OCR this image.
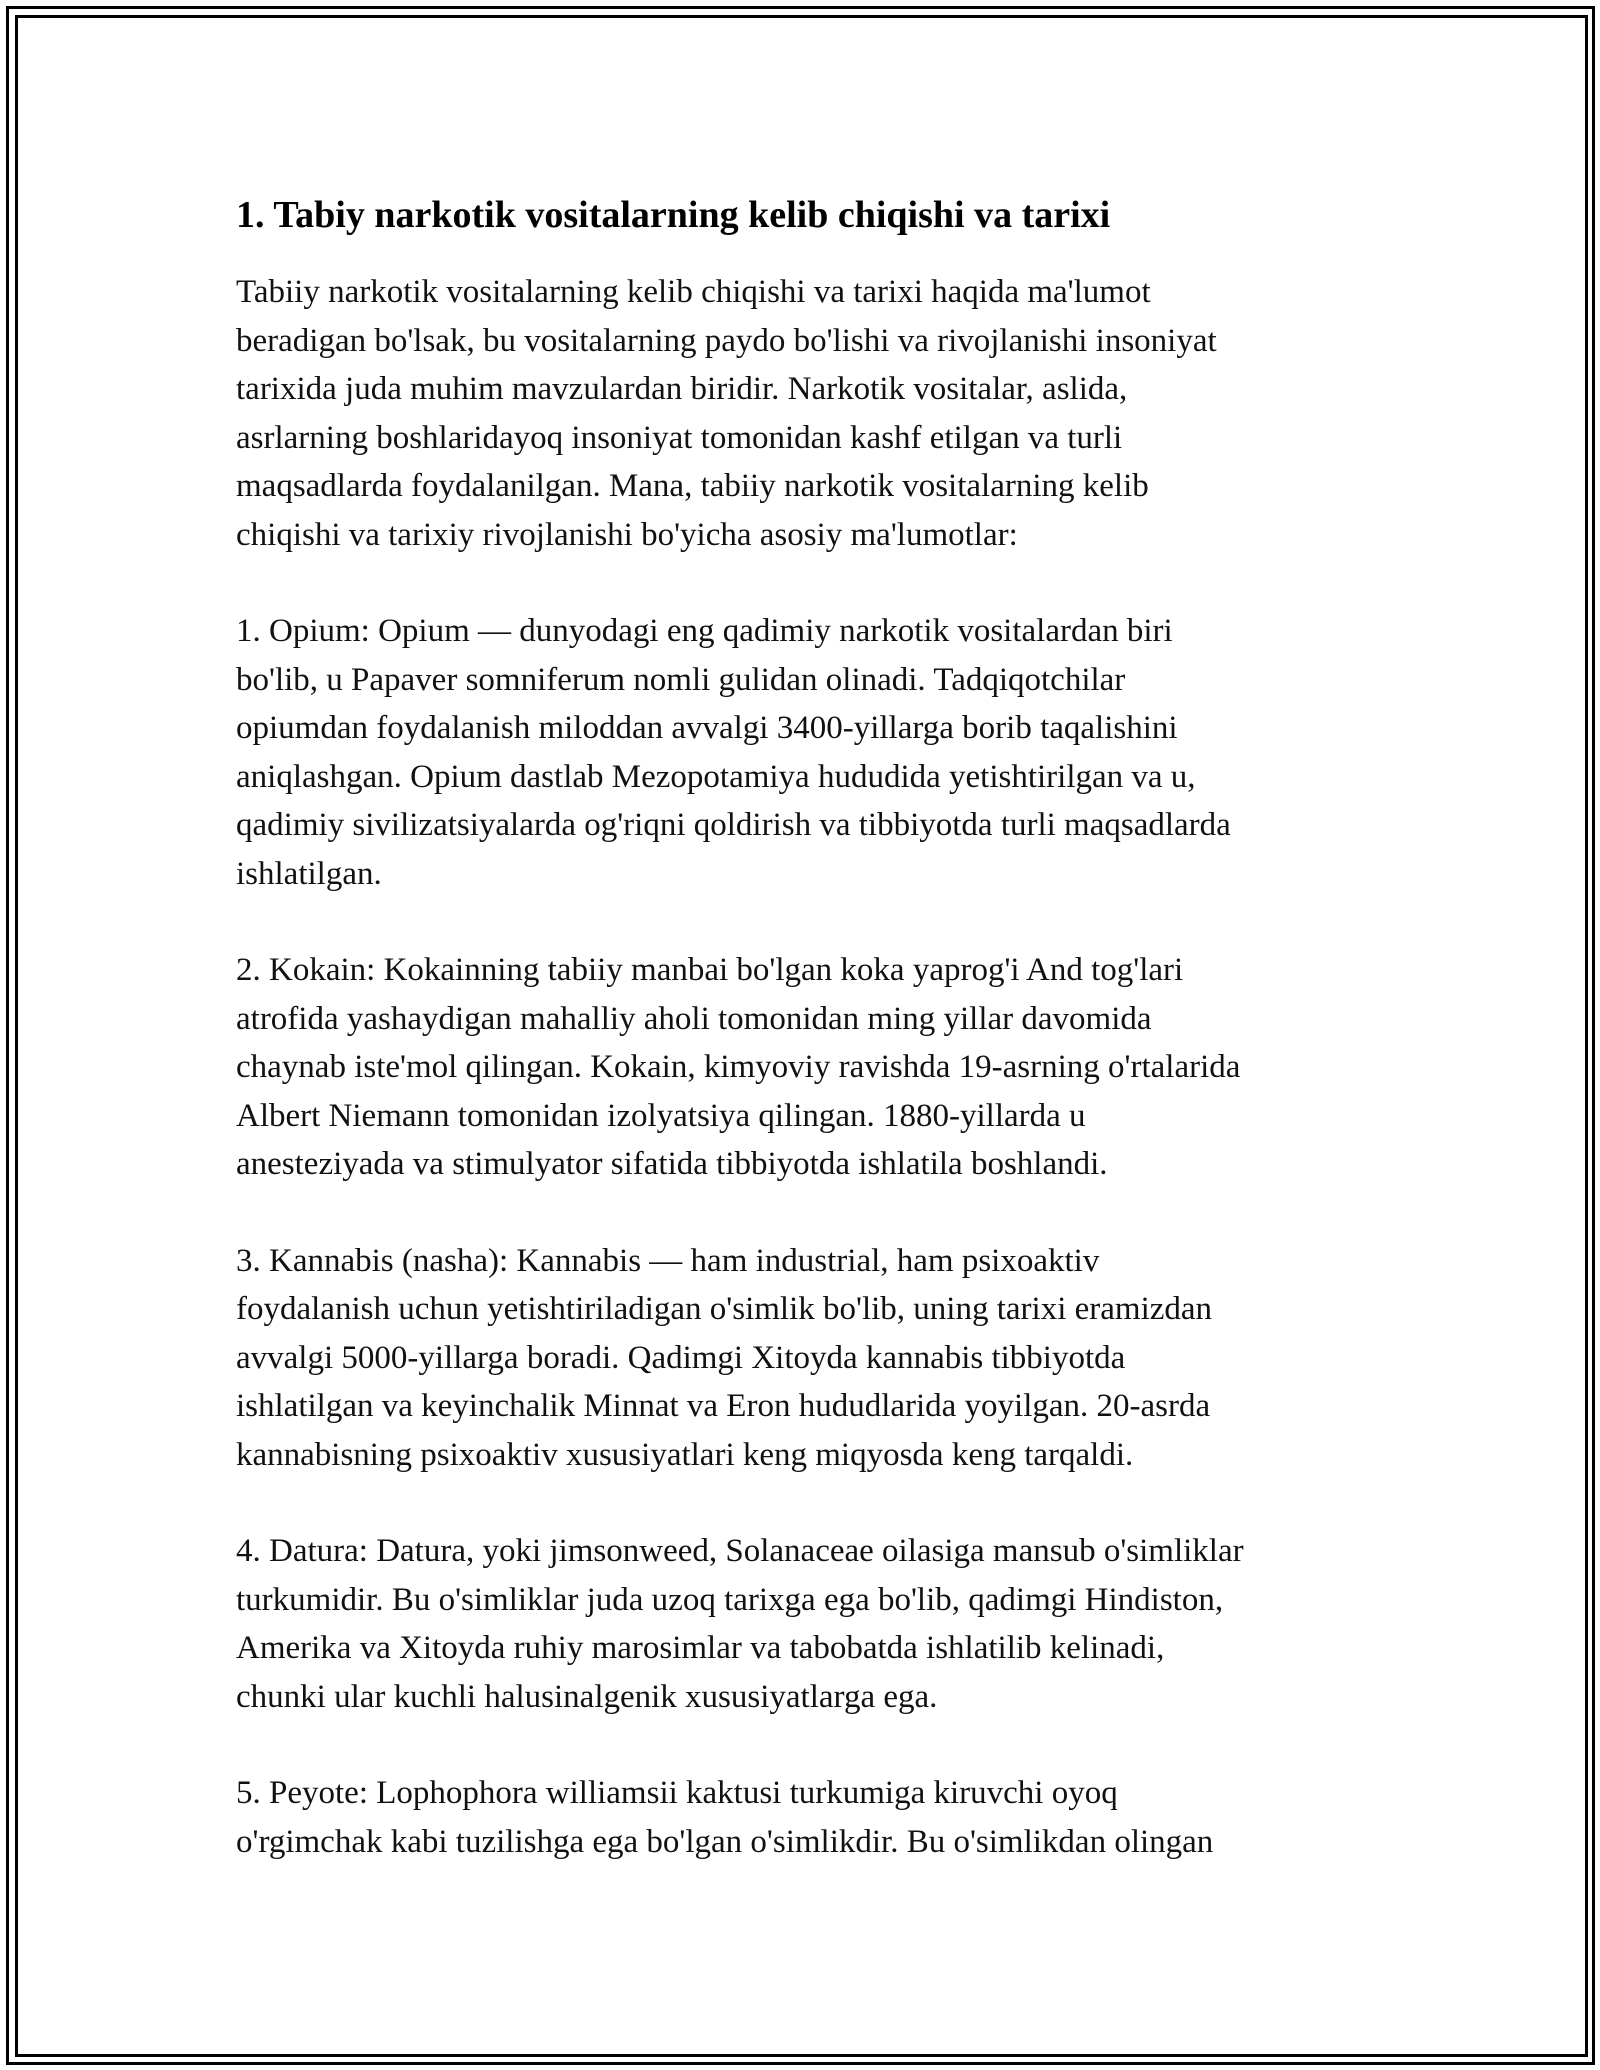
1. Tabiy narkotik vositalarning kelib chiqishi va tarixi

Tabiiy narkotik vositalarning kelib chiqishi va tarixi haqida ma'lumot
beradigan bo'lsak, bu vositalarning paydo bo'lishi va rivojlanishi insoniyat
tarixida juda muhim mavzulardan biridir. Narkotik vositalar, aslida,
asrlarning boshlaridayoq insoniyat tomonidan kashf etilgan va turli
maqsadlarda foydalanilgan. Mana, tabiiy narkotik vositalarning kelib
chiqishi va tarixiy rivojlanishi bo'yicha asosiy ma'lumotlar:

1. Opium: Opium — dunyodagi eng qadimiy narkotik vositalardan biri
bo'lib, u Papaver somniferum nomli gulidan olinadi. Tadqiqotchilar
opiumdan foydalanish miloddan avvalgi 3400-yillarga borib taqalishini
aniqlashgan. Opium dastlab Mezopotamiya hududida yetishtirilgan va u,
qadimiy sivilizatsiyalarda og'riqni qoldirish va tibbiyotda turli maqsadlarda
ishlatilgan.

2. Kokain: Kokainning tabiiy manbai bo'lgan koka yaprog'i And tog'lari
atrofida yashaydigan mahalliy aholi tomonidan ming yillar davomida
chaynab iste'mol qilingan. Kokain, kimyoviy ravishda 19-asrning o'rtalarida
Albert Niemann tomonidan izolyatsiya qilingan. 1880-yillarda u
anesteziyada va stimulyator sifatida tibbiyotda ishlatila boshlandi.

3. Kannabis (nasha): Kannabis — ham industrial, ham psixoaktiv
foydalanish uchun yetishtiriladigan o'simlik bo'lib, uning tarixi eramizdan
avvalgi 5000-yillarga boradi. Qadimgi Xitoyda kannabis tibbiyotda
ishlatilgan va keyinchalik Minnat va Eron hududlarida yoyilgan. 20-asrda
kannabisning psixoaktiv xususiyatlari keng miqyosda keng tarqaldi.

4. Datura: Datura, yoki jimsonweed, Solanaceae oilasiga mansub o'simliklar
turkumidir. Bu o'simliklar juda uzoq tarixga ega bo'lib, qadimgi Hindiston,
Amerika va Xitoyda ruhiy marosimlar va tabobatda ishlatilib kelinadi,
chunki ular kuchli halusinalgenik xususiyatlarga ega.

5. Peyote: Lophophora williamsii kaktusi turkumiga kiruvchi oyoq
o'rgimchak kabi tuzilishga ega bo'lgan o'simlikdir. Bu o'simlikdan olingan
